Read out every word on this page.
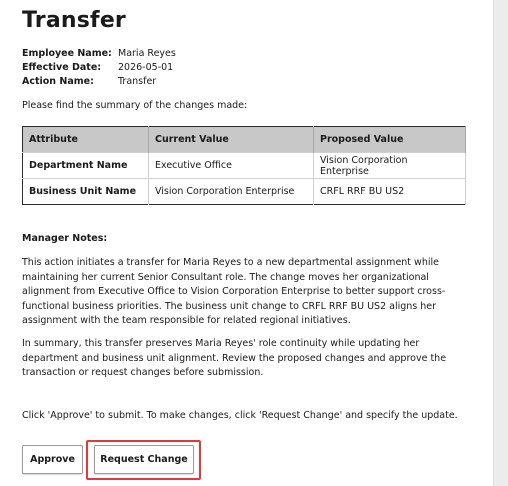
Transfer
Employee Name: Maria Reyes
Effective Date:	2026-05-01
Action Name:	Transfer
Please find the summary of the changes made:
Attribute	Current Value	Proposed Value
Department Name	Executive Office	Vision Corporation Enterprise
Business Unit Name	Vision Corporation Enterprise	CRFL RRF BU US2
Manager Notes:
This action initiates a transfer for Maria Reyes to a new departmental assignment while maintaining her current Senior Consultant role. The change moves her organizational alignment from Executive Office to Vision Corporation Enterprise to better support cross-functional business priorities. The business unit change to CRFL RRF BU US2 aligns her assignment with the team responsible for related regional initiatives.
In summary, this transfer preserves Maria Reyes' role continuity while updating her department and business unit alignment. Review the proposed changes and approve the transaction or request changes before submission.
Click 'Approve' to submit. To make changes, click 'Request Change' and specify the update.
Approve	Request Change
